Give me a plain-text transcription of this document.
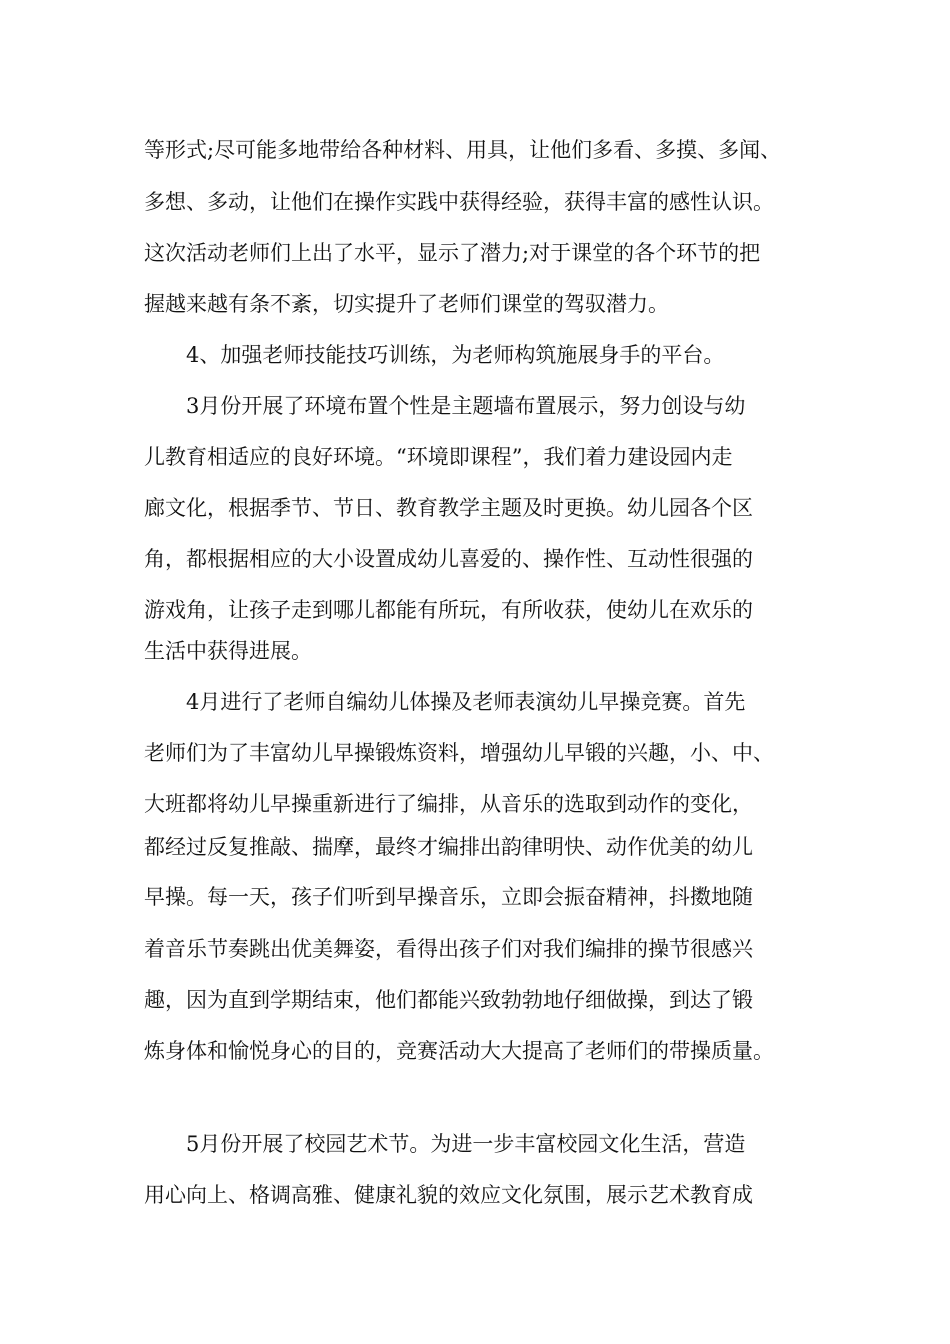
等形式;尽可能多地带给各种材料、用具，让他们多看、多摸、多闻、
多想、多动，让他们在操作实践中获得经验，获得丰富的感性认识。
这次活动老师们上出了水平，显示了潜力;对于课堂的各个环节的把
握越来越有条不紊，切实提升了老师们课堂的驾驭潜力。
4、加强老师技能技巧训练，为老师构筑施展身手的平台。
3月份开展了环境布置个性是主题墙布置展示，努力创设与幼
儿教育相适应的良好环境。“环境即课程”，我们着力建设园内走
廊文化，根据季节、节日、教育教学主题及时更换。幼儿园各个区
角，都根据相应的大小设置成幼儿喜爱的、操作性、互动性很强的
游戏角，让孩子走到哪儿都能有所玩，有所收获，使幼儿在欢乐的
生活中获得进展。
4月进行了老师自编幼儿体操及老师表演幼儿早操竞赛。首先
老师们为了丰富幼儿早操锻炼资料，增强幼儿早锻的兴趣，小、中、
大班都将幼儿早操重新进行了编排，从音乐的选取到动作的变化，
都经过反复推敲、揣摩，最终才编排出韵律明快、动作优美的幼儿
早操。每一天，孩子们听到早操音乐，立即会振奋精神，抖擞地随
着音乐节奏跳出优美舞姿，看得出孩子们对我们编排的操节很感兴
趣，因为直到学期结束，他们都能兴致勃勃地仔细做操，到达了锻
炼身体和愉悦身心的目的，竞赛活动大大提高了老师们的带操质量。
5月份开展了校园艺术节。为进一步丰富校园文化生活，营造
用心向上、格调高雅、健康礼貌的效应文化氛围，展示艺术教育成
